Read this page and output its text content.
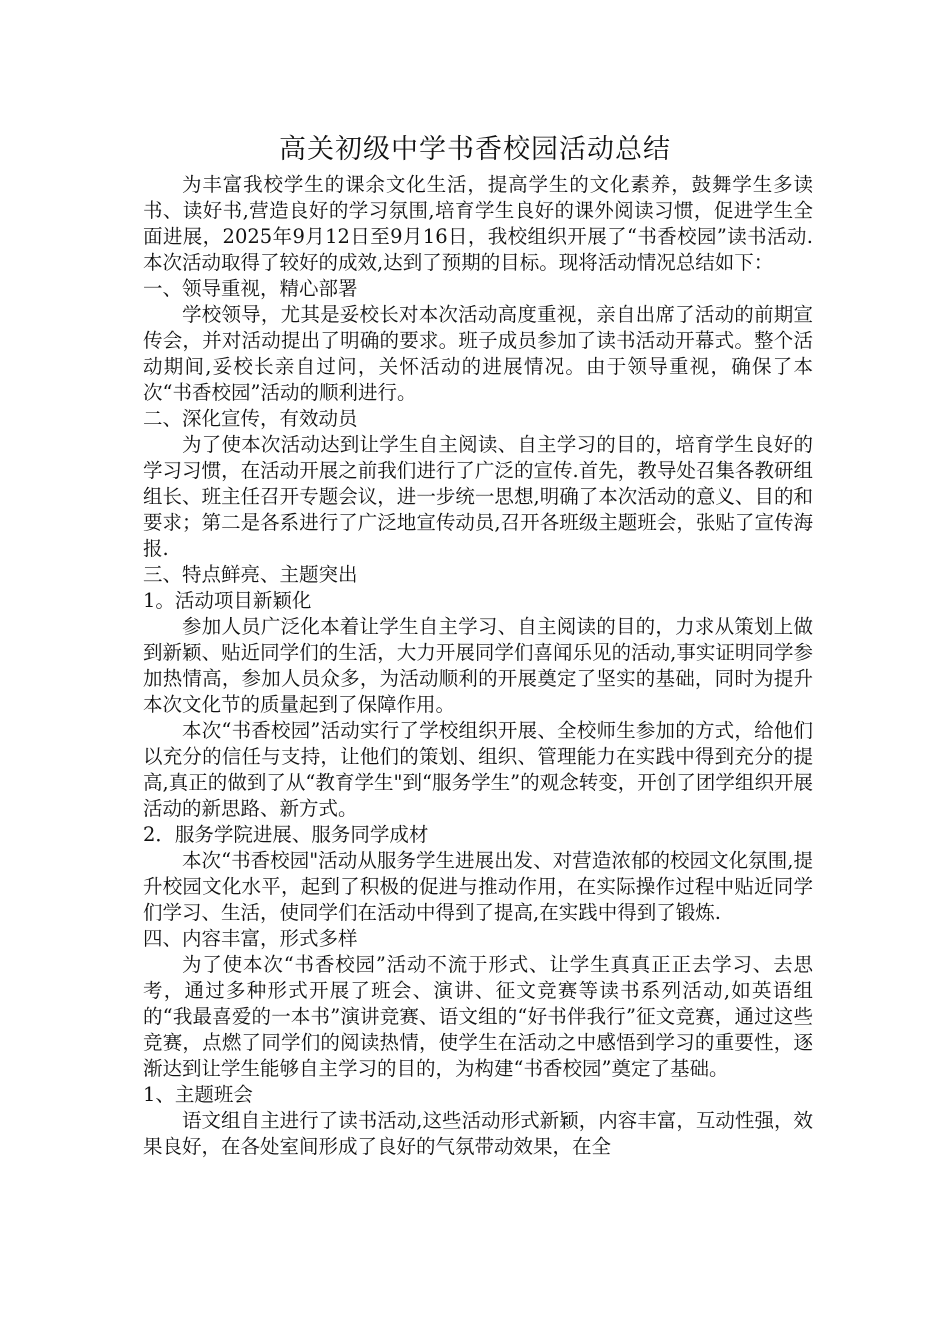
高关初级中学书香校园活动总结

为丰富我校学生的课余文化生活，提高学生的文化素养，鼓舞学生多读书、读好书,营造良好的学习氛围,培育学生良好的课外阅读习惯，促进学生全面进展，2025年9月12日至9月16日，我校组织开展了“书香校园”读书活动.本次活动取得了较好的成效,达到了预期的目标。现将活动情况总结如下：

一、领导重视，精心部署

学校领导，尤其是妥校长对本次活动高度重视，亲自出席了活动的前期宣传会，并对活动提出了明确的要求。班子成员参加了读书活动开幕式。整个活动期间,妥校长亲自过问，关怀活动的进展情况。由于领导重视，确保了本次“书香校园”活动的顺利进行。

二、深化宣传，有效动员

为了使本次活动达到让学生自主阅读、自主学习的目的，培育学生良好的学习习惯，在活动开展之前我们进行了广泛的宣传.首先，教导处召集各教研组组长、班主任召开专题会议，进一步统一思想,明确了本次活动的意义、目的和要求；第二是各系进行了广泛地宣传动员,召开各班级主题班会，张贴了宣传海报.

三、特点鲜亮、主题突出

1。活动项目新颖化

参加人员广泛化本着让学生自主学习、自主阅读的目的，力求从策划上做到新颖、贴近同学们的生活，大力开展同学们喜闻乐见的活动,事实证明同学参加热情高，参加人员众多，为活动顺利的开展奠定了坚实的基础，同时为提升本次文化节的质量起到了保障作用。

本次“书香校园”活动实行了学校组织开展、全校师生参加的方式，给他们以充分的信任与支持，让他们的策划、组织、管理能力在实践中得到充分的提高,真正的做到了从“教育学生"到“服务学生”的观念转变，开创了团学组织开展活动的新思路、新方式。

2．服务学院进展、服务同学成材

本次“书香校园"活动从服务学生进展出发、对营造浓郁的校园文化氛围,提升校园文化水平，起到了积极的促进与推动作用，在实际操作过程中贴近同学们学习、生活，使同学们在活动中得到了提高,在实践中得到了锻炼.

四、内容丰富，形式多样

为了使本次“书香校园”活动不流于形式、让学生真真正正去学习、去思考，通过多种形式开展了班会、演讲、征文竞赛等读书系列活动,如英语组的“我最喜爱的一本书”演讲竞赛、语文组的“好书伴我行”征文竞赛，通过这些竞赛，点燃了同学们的阅读热情，使学生在活动之中感悟到学习的重要性，逐渐达到让学生能够自主学习的目的，为构建“书香校园”奠定了基础。

1、主题班会

语文组自主进行了读书活动,这些活动形式新颖，内容丰富，互动性强，效果良好，在各处室间形成了良好的气氛带动效果，在全
